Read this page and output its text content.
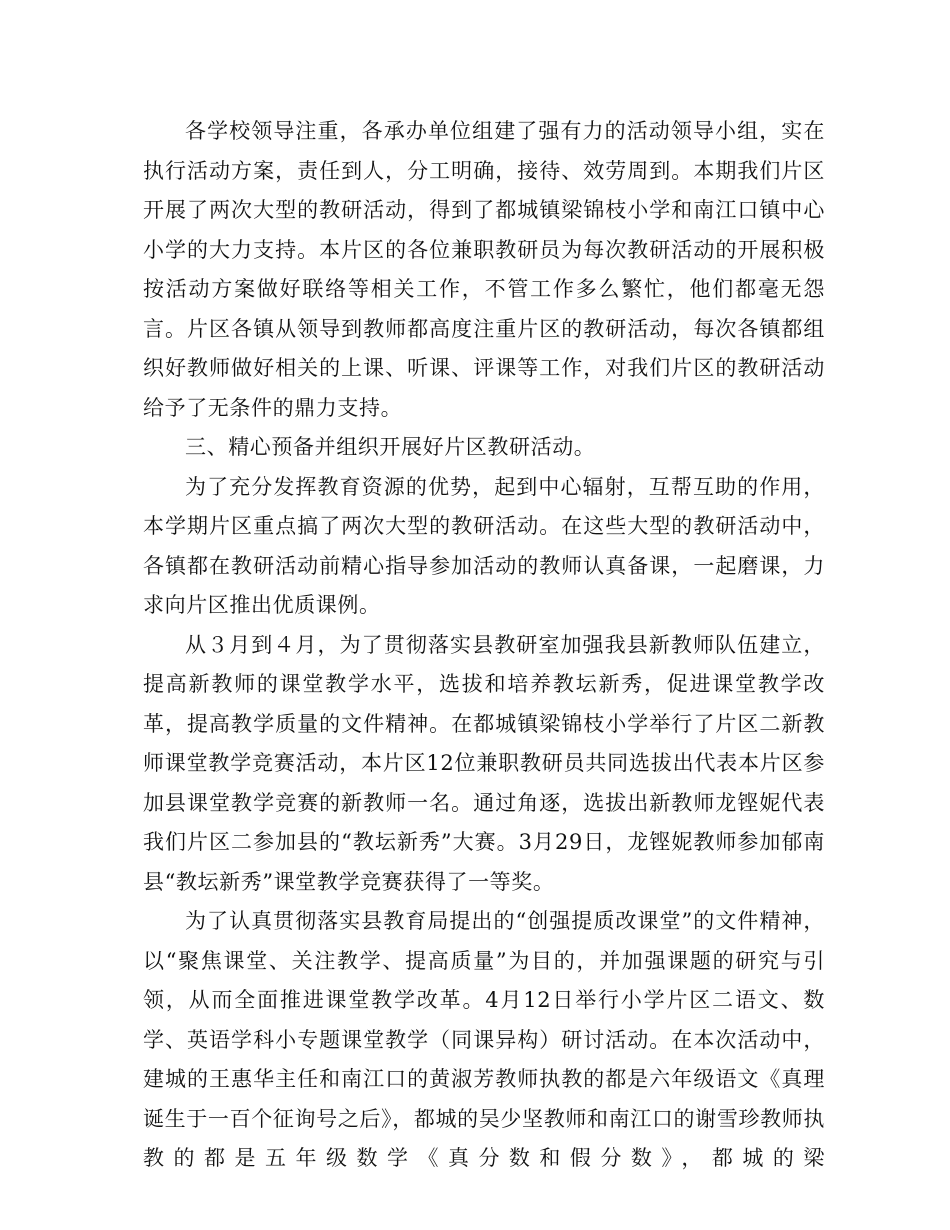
各学校领导注重，各承办单位组建了强有力的活动领导小组，实在执行活动方案，责任到人，分工明确，接待、效劳周到。本期我们片区开展了两次大型的教研活动，得到了都城镇梁锦枝小学和南江口镇中心小学的大力支持。本片区的各位兼职教研员为每次教研活动的开展积极按活动方案做好联络等相关工作，不管工作多么繁忙，他们都毫无怨言。片区各镇从领导到教师都高度注重片区的教研活动，每次各镇都组织好教师做好相关的上课、听课、评课等工作，对我们片区的教研活动给予了无条件的鼎力支持。

三、精心预备并组织开展好片区教研活动。

为了充分发挥教育资源的优势，起到中心辐射，互帮互助的作用，本学期片区重点搞了两次大型的教研活动。在这些大型的教研活动中，各镇都在教研活动前精心指导参加活动的教师认真备课，一起磨课，力求向片区推出优质课例。

从３月到４月，为了贯彻落实县教研室加强我县新教师队伍建立，提高新教师的课堂教学水平，选拔和培养教坛新秀，促进课堂教学改革，提高教学质量的文件精神。在都城镇梁锦枝小学举行了片区二新教师课堂教学竞赛活动，本片区12位兼职教研员共同选拔出代表本片区参加县课堂教学竞赛的新教师一名。通过角逐，选拔出新教师龙铿妮代表我们片区二参加县的“教坛新秀”大赛。3月29日，龙铿妮教师参加郁南县“教坛新秀”课堂教学竞赛获得了一等奖。

为了认真贯彻落实县教育局提出的“创强提质改课堂”的文件精神，以“聚焦课堂、关注教学、提高质量”为目的，并加强课题的研究与引领，从而全面推进课堂教学改革。4月12日举行小学片区二语文、数学、英语学科小专题课堂教学（同课异构）研讨活动。在本次活动中，建城的王惠华主任和南江口的黄淑芳教师执教的都是六年级语文《真理诞生于一百个征询号之后》，都城的吴少坚教师和南江口的谢雪珍教师执教的都是五年级数学《真分数和假分数》，都城的梁
